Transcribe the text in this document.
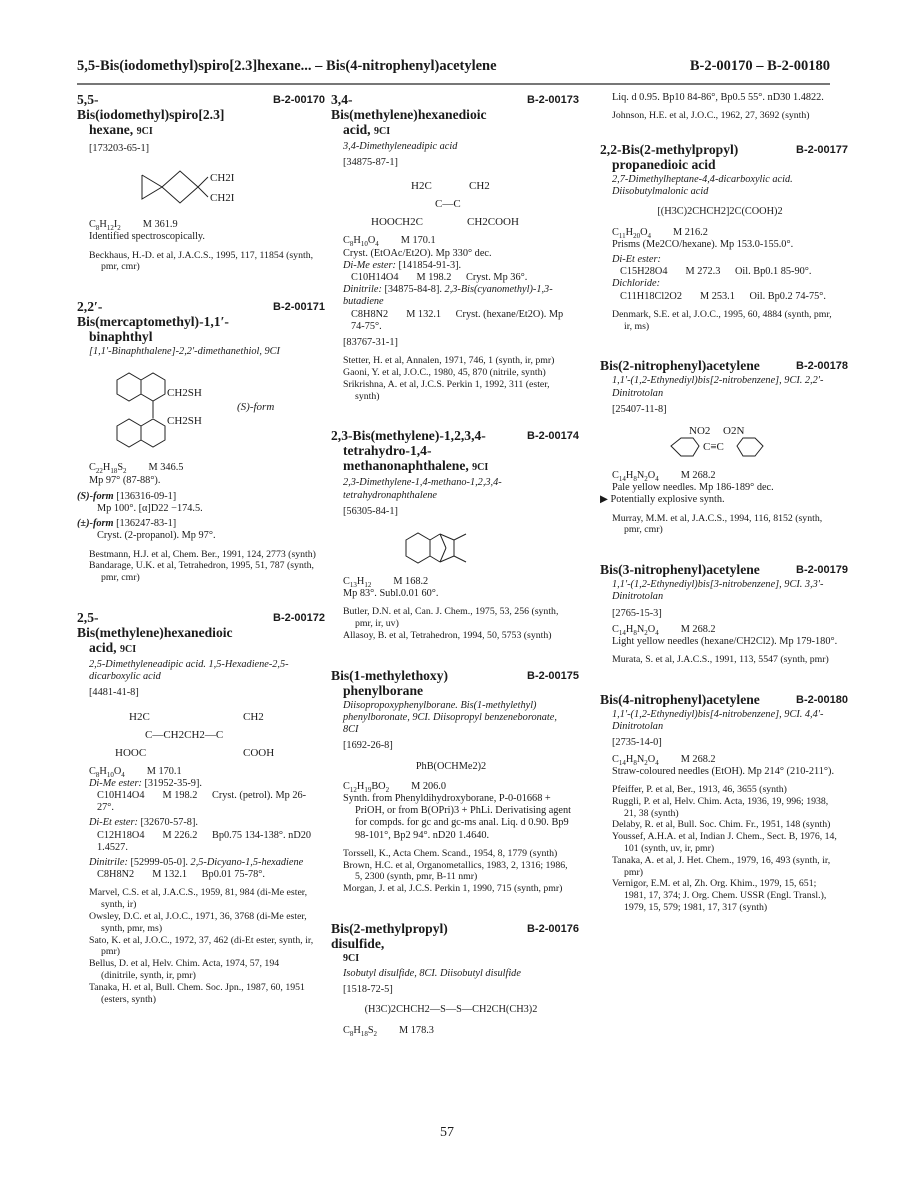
5,5-Bis(iodomethyl)spiro[2.3]hexane... – Bis(4-nitrophenyl)acetylene	B-2-00170 – B-2-00180
5,5-Bis(iodomethyl)spiro[2.3]
hexane, 9CI
B-2-00170
[173203-65-1]
CH2I
CH2I
$C_8H_{12}I_2$ M 361.9
Identified spectroscopically.
Beckhaus, H.-D. et al, J.A.C.S., 1995, 117, 11854 (synth, pmr, cmr)
2,2′-Bis(mercaptomethyl)-1,1′-
binaphthyl
B-2-00171
[1,1′-Binaphthalene]-2,2′-dimethanethiol, 9CI
CH2SH
CH2SH
(S)-form
$C_{22}H_{18}S_2$ M 346.5
Mp 97° (87-88°).
(S)-form [136316-09-1]
Mp 100°. [α]D22 −174.5.
(±)-form [136247-83-1]
Cryst. (2-propanol). Mp 97°.
Bestmann, H.J. et al, Chem. Ber., 1991, 124, 2773 (synth)
Bandarage, U.K. et al, Tetrahedron, 1995, 51, 787 (synth, pmr, cmr)
2,5-Bis(methylene)hexanedioic
acid, 9CI
B-2-00172
2,5-Dimethyleneadipic acid. 1,5-Hexadiene-2,5-dicarboxylic acid
[4481-41-8]
H2C	CH2
C—CH2CH2—C
HOOC	COOH
$C_8H_{10}O_4$ M 170.1
Di-Me ester: [31952-35-9].
C10H14O4 M 198.2 Cryst. (petrol). Mp 26-27°.
Di-Et ester: [32670-57-8].
C12H18O4 M 226.2 Bp0.75 134-138°. nD20 1.4527.
Dinitrile: [52999-05-0]. 2,5-Dicyano-1,5-hexadiene
C8H8N2 M 132.1 Bp0.01 75-78°.
Marvel, C.S. et al, J.A.C.S., 1959, 81, 984 (di-Me ester, synth, ir)
Owsley, D.C. et al, J.O.C., 1971, 36, 3768 (di-Me ester, synth, pmr, ms)
Sato, K. et al, J.O.C., 1972, 37, 462 (di-Et ester, synth, ir, pmr)
Bellus, D. et al, Helv. Chim. Acta, 1974, 57, 194 (dinitrile, synth, ir, pmr)
Tanaka, H. et al, Bull. Chem. Soc. Jpn., 1987, 60, 1951 (esters, synth)
3,4-Bis(methylene)hexanedioic
acid, 9CI
B-2-00173
3,4-Dimethyleneadipic acid
[34875-87-1]
H2C	CH2
C—C
HOOCH2C	CH2COOH
$C_8H_{10}O_4$ M 170.1
Cryst. (EtOAc/Et2O). Mp 330° dec.
Di-Me ester: [141854-91-3].
C10H14O4 M 198.2 Cryst. Mp 36°.
Dinitrile: [34875-84-8]. 2,3-Bis(cyanomethyl)-1,3-butadiene
C8H8N2 M 132.1 Cryst. (hexane/Et2O). Mp 74-75°.
[83767-31-1]
Stetter, H. et al, Annalen, 1971, 746, 1 (synth, ir, pmr)
Gaoni, Y. et al, J.O.C., 1980, 45, 870 (nitrile, synth)
Srikrishna, A. et al, J.C.S. Perkin 1, 1992, 311 (ester, synth)
2,3-Bis(methylene)-1,2,3,4-
tetrahydro-1,4-
methanonaphthalene, 9CI
B-2-00174
2,3-Dimethylene-1,4-methano-1,2,3,4-tetrahydronaphthalene
[56305-84-1]
$C_{13}H_{12}$ M 168.2
Mp 83°. Subl.0.01 60°.
Butler, D.N. et al, Can. J. Chem., 1975, 53, 256 (synth, pmr, ir, uv)
Allasoy, B. et al, Tetrahedron, 1994, 50, 5753 (synth)
Bis(1-methylethoxy)
phenylborane
B-2-00175
Diisopropoxyphenylborane. Bis(1-methylethyl) phenylboronate, 9CI. Diisopropyl benzeneboronate, 8CI
[1692-26-8]
PhB(OCHMe2)2
$C_{12}H_{19}BO_2$ M 206.0
Synth. from Phenyldihydroxyborane, P-0-01668 + PriOH, or from B(OPri)3 + PhLi. Derivatising agent for compds. for gc and gc-ms anal. Liq. d 0.90. Bp9 98-101°, Bp2 94°. nD20 1.4640.
Torssell, K., Acta Chem. Scand., 1954, 8, 1779 (synth)
Brown, H.C. et al, Organometallics, 1983, 2, 1316; 1986, 5, 2300 (synth, pmr, B-11 nmr)
Morgan, J. et al, J.C.S. Perkin 1, 1990, 715 (synth, pmr)
Bis(2-methylpropyl) disulfide,
9CI
B-2-00176
Isobutyl disulfide, 8CI. Diisobutyl disulfide
[1518-72-5]
(H3C)2CHCH2—S—S—CH2CH(CH3)2
$C_8H_{18}S_2$ M 178.3
Liq. d 0.95. Bp10 84-86°, Bp0.5 55°. nD30 1.4822.
Johnson, H.E. et al, J.O.C., 1962, 27, 3692 (synth)
2,2-Bis(2-methylpropyl)
propanedioic acid
B-2-00177
2,7-Dimethylheptane-4,4-dicarboxylic acid. Diisobutylmalonic acid
[(H3C)2CHCH2]2C(COOH)2
$C_{11}H_{20}O_4$ M 216.2
Prisms (Me2CO/hexane). Mp 153.0-155.0°.
Di-Et ester:
C15H28O4 M 272.3 Oil. Bp0.1 85-90°.
Dichloride:
C11H18Cl2O2 M 253.1 Oil. Bp0.2 74-75°.
Denmark, S.E. et al, J.O.C., 1995, 60, 4884 (synth, pmr, ir, ms)
Bis(2-nitrophenyl)acetylene	B-2-00178
1,1′-(1,2-Ethynediyl)bis[2-nitrobenzene], 9CI. 2,2′-Dinitrotolan
[25407-11-8]
NO2 O2N
C≡C
$C_{14}H_8N_2O_4$ M 268.2
Pale yellow needles. Mp 186-189° dec.
▶ Potentially explosive synth.
Murray, M.M. et al, J.A.C.S., 1994, 116, 8152 (synth, pmr, cmr)
Bis(3-nitrophenyl)acetylene	B-2-00179
1,1′-(1,2-Ethynediyl)bis[3-nitrobenzene], 9CI. 3,3′-Dinitrotolan
[2765-15-3]
$C_{14}H_8N_2O_4$ M 268.2
Light yellow needles (hexane/CH2Cl2). Mp 179-180°.
Murata, S. et al, J.A.C.S., 1991, 113, 5547 (synth, pmr)
Bis(4-nitrophenyl)acetylene	B-2-00180
1,1′-(1,2-Ethynediyl)bis[4-nitrobenzene], 9CI. 4,4′-Dinitrotolan
[2735-14-0]
$C_{14}H_8N_2O_4$ M 268.2
Straw-coloured needles (EtOH). Mp 214° (210-211°).
Pfeiffer, P. et al, Ber., 1913, 46, 3655 (synth)
Ruggli, P. et al, Helv. Chim. Acta, 1936, 19, 996; 1938, 21, 38 (synth)
Delaby, R. et al, Bull. Soc. Chim. Fr., 1951, 148 (synth)
Youssef, A.H.A. et al, Indian J. Chem., Sect. B, 1976, 14, 101 (synth, uv, ir, pmr)
Tanaka, A. et al, J. Het. Chem., 1979, 16, 493 (synth, ir, pmr)
Vernigor, E.M. et al, Zh. Org. Khim., 1979, 15, 651; 1981, 17, 374; J. Org. Chem. USSR (Engl. Transl.), 1979, 15, 579; 1981, 17, 317 (synth)
57
